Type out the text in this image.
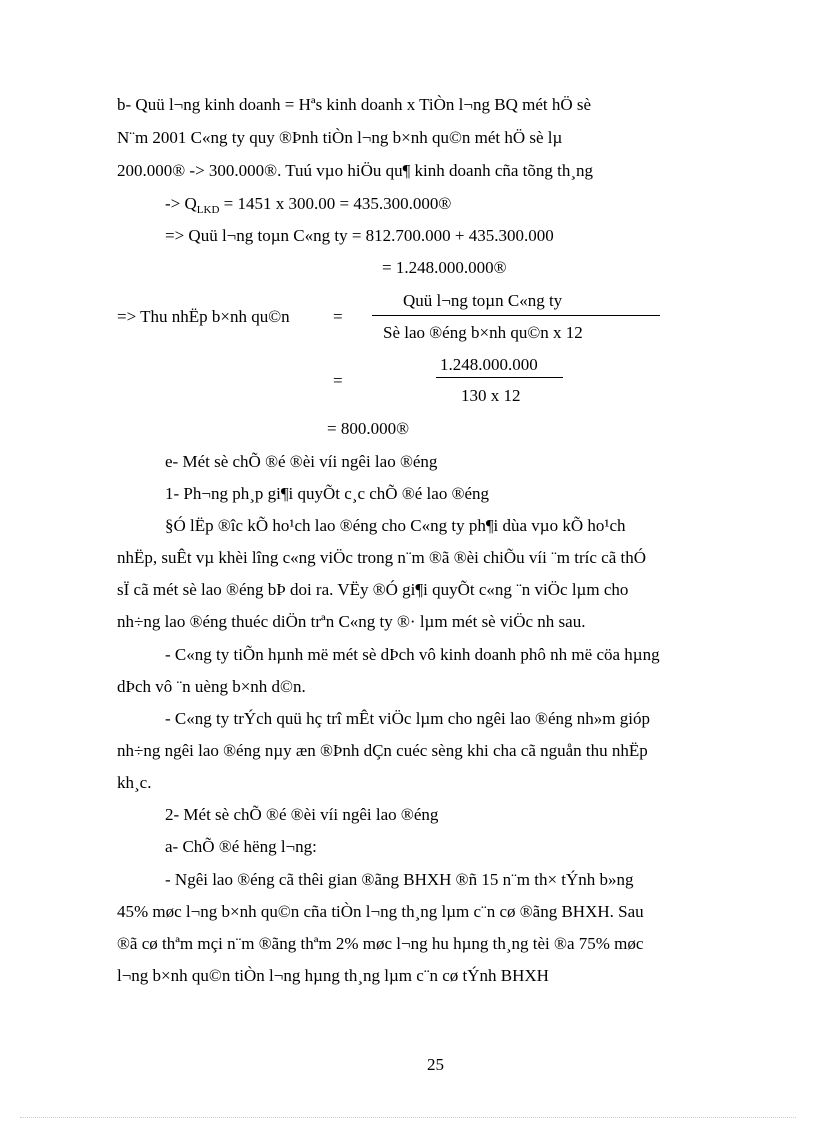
b- Quü l¬ng kinh doanh = Hªs kinh doanh x TiÒn l¬ng BQ mét hÖ sè
N¨m 2001 C«ng ty quy ®Þnh tiÒn l¬ng b×nh qu©n mét hÖ sè lµ
200.000® -> 300.000®. Tuú vµo hiÖu qu¶ kinh doanh cña tõng th¸ng
-> $Q_{LKD} = 1451$ x 300.00 = 435.300.000®
=> Quü l¬ng toµn C«ng ty = 812.700.000 + 435.300.000
= 1.248.000.000®
=> Thu nhËp b×nh qu©n	=
Quü l¬ng toµn C«ng ty
Sè lao ®éng b×nh qu©n x 12
=
1.248.000.000
130 x 12
= 800.000®
e- Mét sè chÕ ®é ®èi víi ngêi lao ®éng
1- Ph¬ng ph¸p gi¶i quyÕt c¸c chÕ ®é lao ®éng
§Ó lËp ®îc kÕ ho¹ch lao ®éng cho C«ng ty ph¶i dùa vµo kÕ ho¹ch
nhËp, suÊt vµ khèi lîng c«ng viÖc trong n¨m ®ã ®èi chiÕu víi ¨m tríc cã thÓ
sÏ cã mét sè lao ®éng bÞ doi ra. VËy ®Ó gi¶i quyÕt c«ng ¨n viÖc lµm cho
nh÷ng lao ®éng thuéc diÖn trªn C«ng ty ®· lµm mét sè viÖc nh sau.
- C«ng ty tiÕn hµnh më mét sè dÞch vô kinh doanh phô nh më cöa hµng
dÞch vô ¨n uèng b×nh d©n.
- C«ng ty trÝch quü hç trî mÊt viÖc lµm cho ngêi lao ®éng nh»m gióp
nh÷ng ngêi lao ®éng nµy æn ®Þnh dÇn cuéc sèng khi cha cã nguån thu nhËp
kh¸c.
2- Mét sè chÕ ®é ®èi víi ngêi lao ®éng
a- ChÕ ®é hëng l¬ng:
- Ngêi lao ®éng cã thêi gian ®ãng BHXH ®ñ 15 n¨m th× tÝnh b»ng
45% møc l¬ng b×nh qu©n cña tiÒn l¬ng th¸ng lµm c¨n cø ®ãng BHXH. Sau
®ã cø thªm mçi n¨m ®ãng thªm 2% møc l¬ng hu hµng th¸ng tèi ®a 75% møc
l¬ng b×nh qu©n tiÒn l¬ng hµng th¸ng lµm c¨n cø tÝnh BHXH
25
